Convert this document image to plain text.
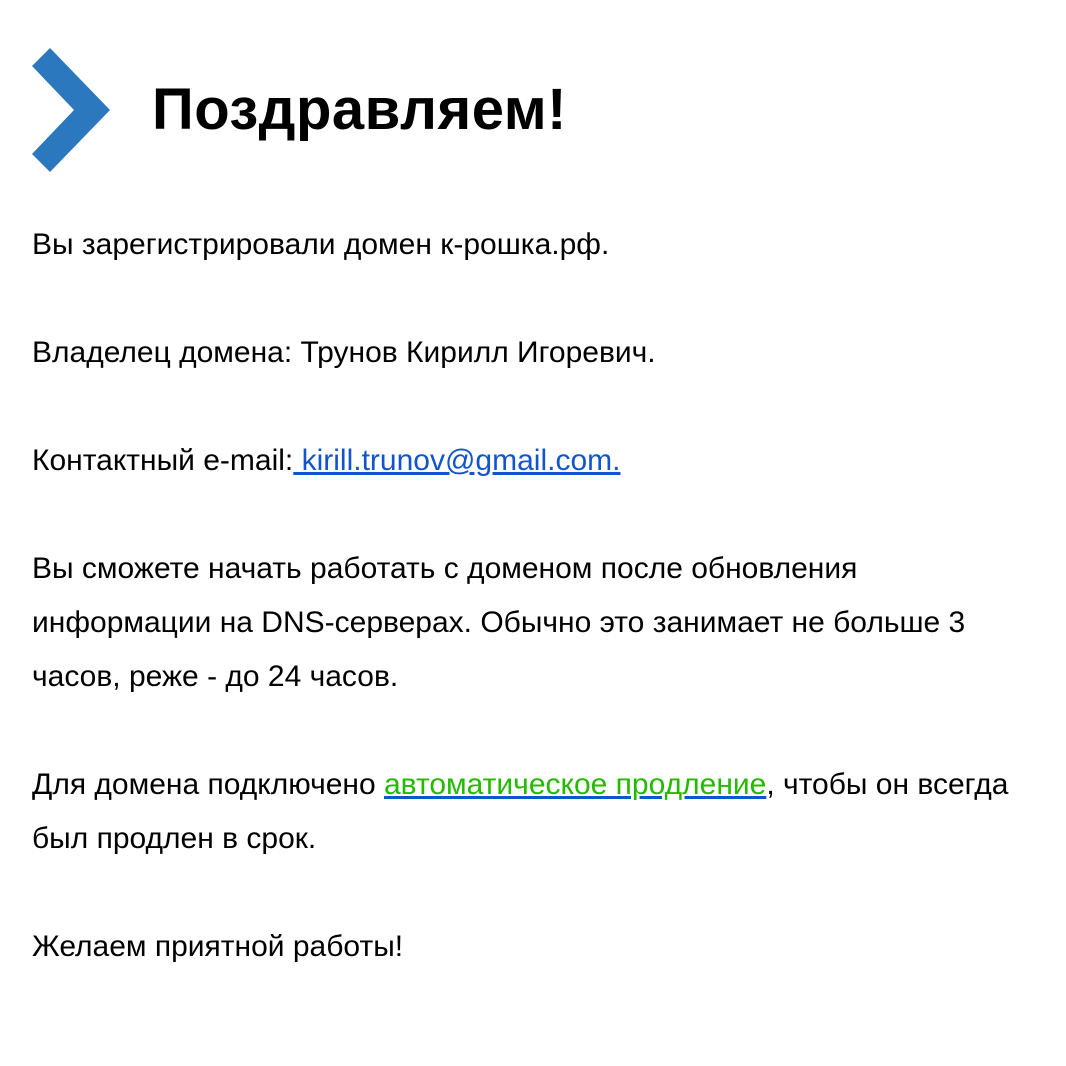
Поздравляем!

Вы зарегистрировали домен к-рошка.рф.

Владелец домена: Трунов Кирилл Игоревич.

Контактный e-mail: kirill.trunov@gmail.com.

Вы сможете начать работать с доменом после обновления информации на DNS-серверах. Обычно это занимает не больше 3 часов, реже - до 24 часов.

Для домена подключено автоматическое продление, чтобы он всегда был продлен в срок.

Желаем приятной работы!
